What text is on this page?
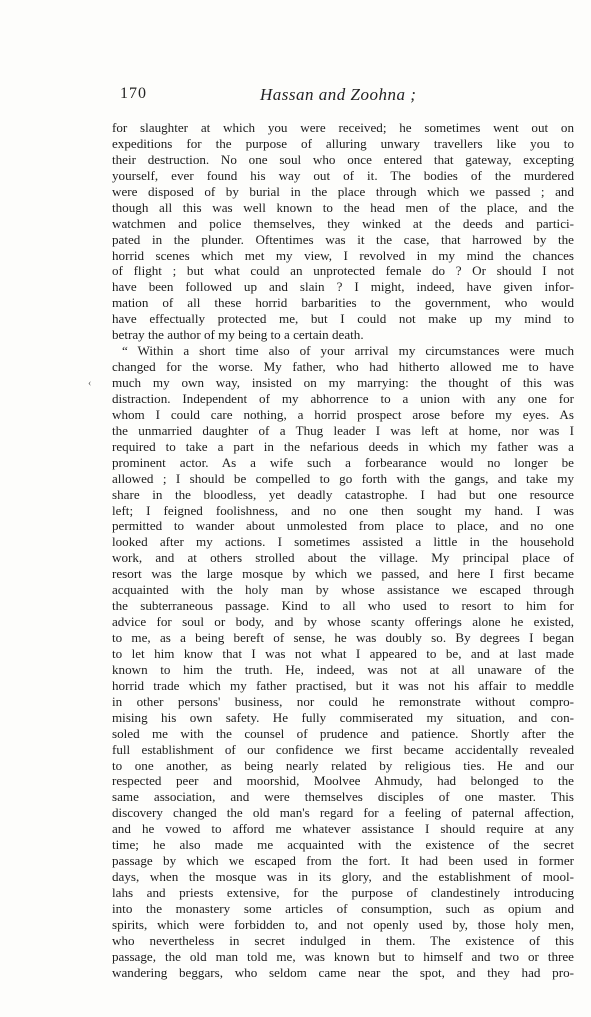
170	Hassan and Zoohna ;
‹
for slaughter at which you were received; he sometimes went out on
expeditions for the purpose of alluring unwary travellers like you to
their destruction. No one soul who once entered that gateway, excepting
yourself, ever found his way out of it. The bodies of the murdered
were disposed of by burial in the place through which we passed ; and
though all this was well known to the head men of the place, and the
watchmen and police themselves, they winked at the deeds and partici-
pated in the plunder. Oftentimes was it the case, that harrowed by the
horrid scenes which met my view, I revolved in my mind the chances
of flight ; but what could an unprotected female do ? Or should I not
have been followed up and slain ? I might, indeed, have given infor-
mation of all these horrid barbarities to the government, who would
have effectually protected me, but I could not make up my mind to
betray the author of my being to a certain death.
“ Within a short time also of your arrival my circumstances were much
changed for the worse. My father, who had hitherto allowed me to have
much my own way, insisted on my marrying: the thought of this was
distraction. Independent of my abhorrence to a union with any one for
whom I could care nothing, a horrid prospect arose before my eyes. As
the unmarried daughter of a Thug leader I was left at home, nor was I
required to take a part in the nefarious deeds in which my father was a
prominent actor. As a wife such a forbearance would no longer be
allowed ; I should be compelled to go forth with the gangs, and take my
share in the bloodless, yet deadly catastrophe. I had but one resource
left; I feigned foolishness, and no one then sought my hand. I was
permitted to wander about unmolested from place to place, and no one
looked after my actions. I sometimes assisted a little in the household
work, and at others strolled about the village. My principal place of
resort was the large mosque by which we passed, and here I first became
acquainted with the holy man by whose assistance we escaped through
the subterraneous passage. Kind to all who used to resort to him for
advice for soul or body, and by whose scanty offerings alone he existed,
to me, as a being bereft of sense, he was doubly so. By degrees I began
to let him know that I was not what I appeared to be, and at last made
known to him the truth. He, indeed, was not at all unaware of the
horrid trade which my father practised, but it was not his affair to meddle
in other persons' business, nor could he remonstrate without compro-
mising his own safety. He fully commiserated my situation, and con-
soled me with the counsel of prudence and patience. Shortly after the
full establishment of our confidence we first became accidentally revealed
to one another, as being nearly related by religious ties. He and our
respected peer and moorshid, Moolvee Ahmudy, had belonged to the
same association, and were themselves disciples of one master. This
discovery changed the old man's regard for a feeling of paternal affection,
and he vowed to afford me whatever assistance I should require at any
time; he also made me acquainted with the existence of the secret
passage by which we escaped from the fort. It had been used in former
days, when the mosque was in its glory, and the establishment of mool-
lahs and priests extensive, for the purpose of clandestinely introducing
into the monastery some articles of consumption, such as opium and
spirits, which were forbidden to, and not openly used by, those holy men,
who nevertheless in secret indulged in them. The existence of this
passage, the old man told me, was known but to himself and two or three
wandering beggars, who seldom came near the spot, and they had pro-
